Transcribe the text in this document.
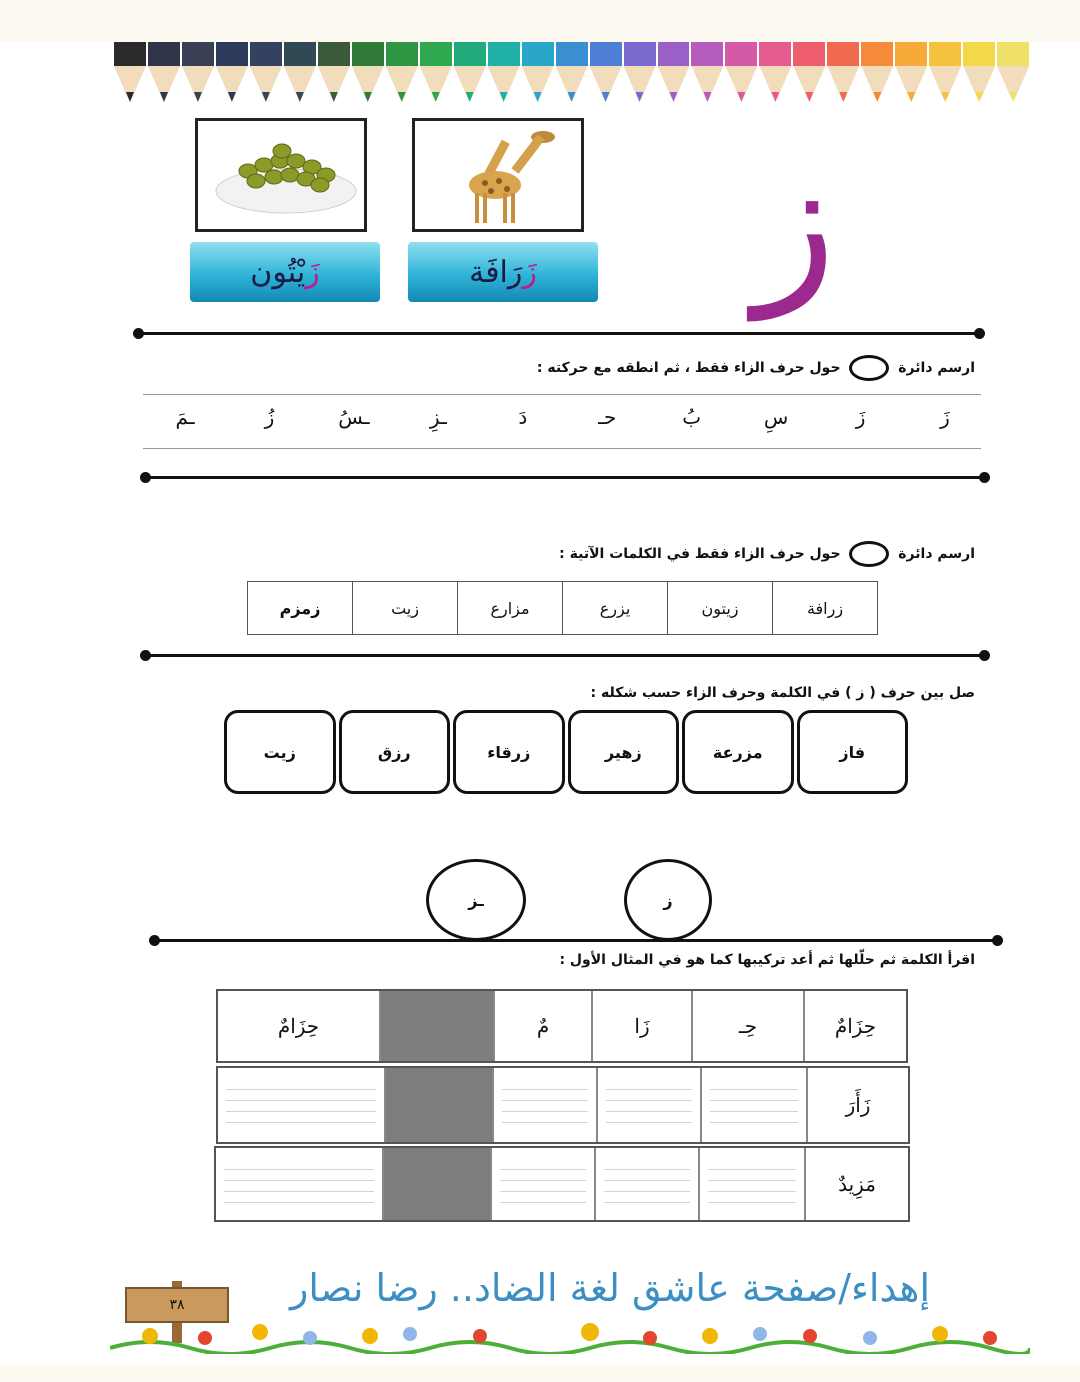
ز
زَرَافَة
زَيْتُون
ارسم دائرة  حول حرف الزاء فقط ، ثم انطقه مع حركته :
زَ
زَ
سِ
بُ
حـ
دَ
ـزِ
ـسُ
زُ
ـمَ
ارسم دائرة  حول حرف الزاء فقط في الكلمات الآتية :
زرافة
زيتون
يزرع
مزارع
زيت
زمزم
صل بين حرف ( ز ) في الكلمة وحرف الزاء حسب شكله :
فاز
مزرعة
زهير
زرقاء
رزق
زيت
ز
ـز
اقرأ الكلمة ثم حلّلها ثم أعد تركيبها كما هو في المثال الأول :
حِزَامٌ
حِـ
زَا
مٌ
حِزَامٌ
زَأَرَ
مَزِيدٌ
إهداء/صفحة عاشق لغة الضاد.. رضا نصار
٣٨
